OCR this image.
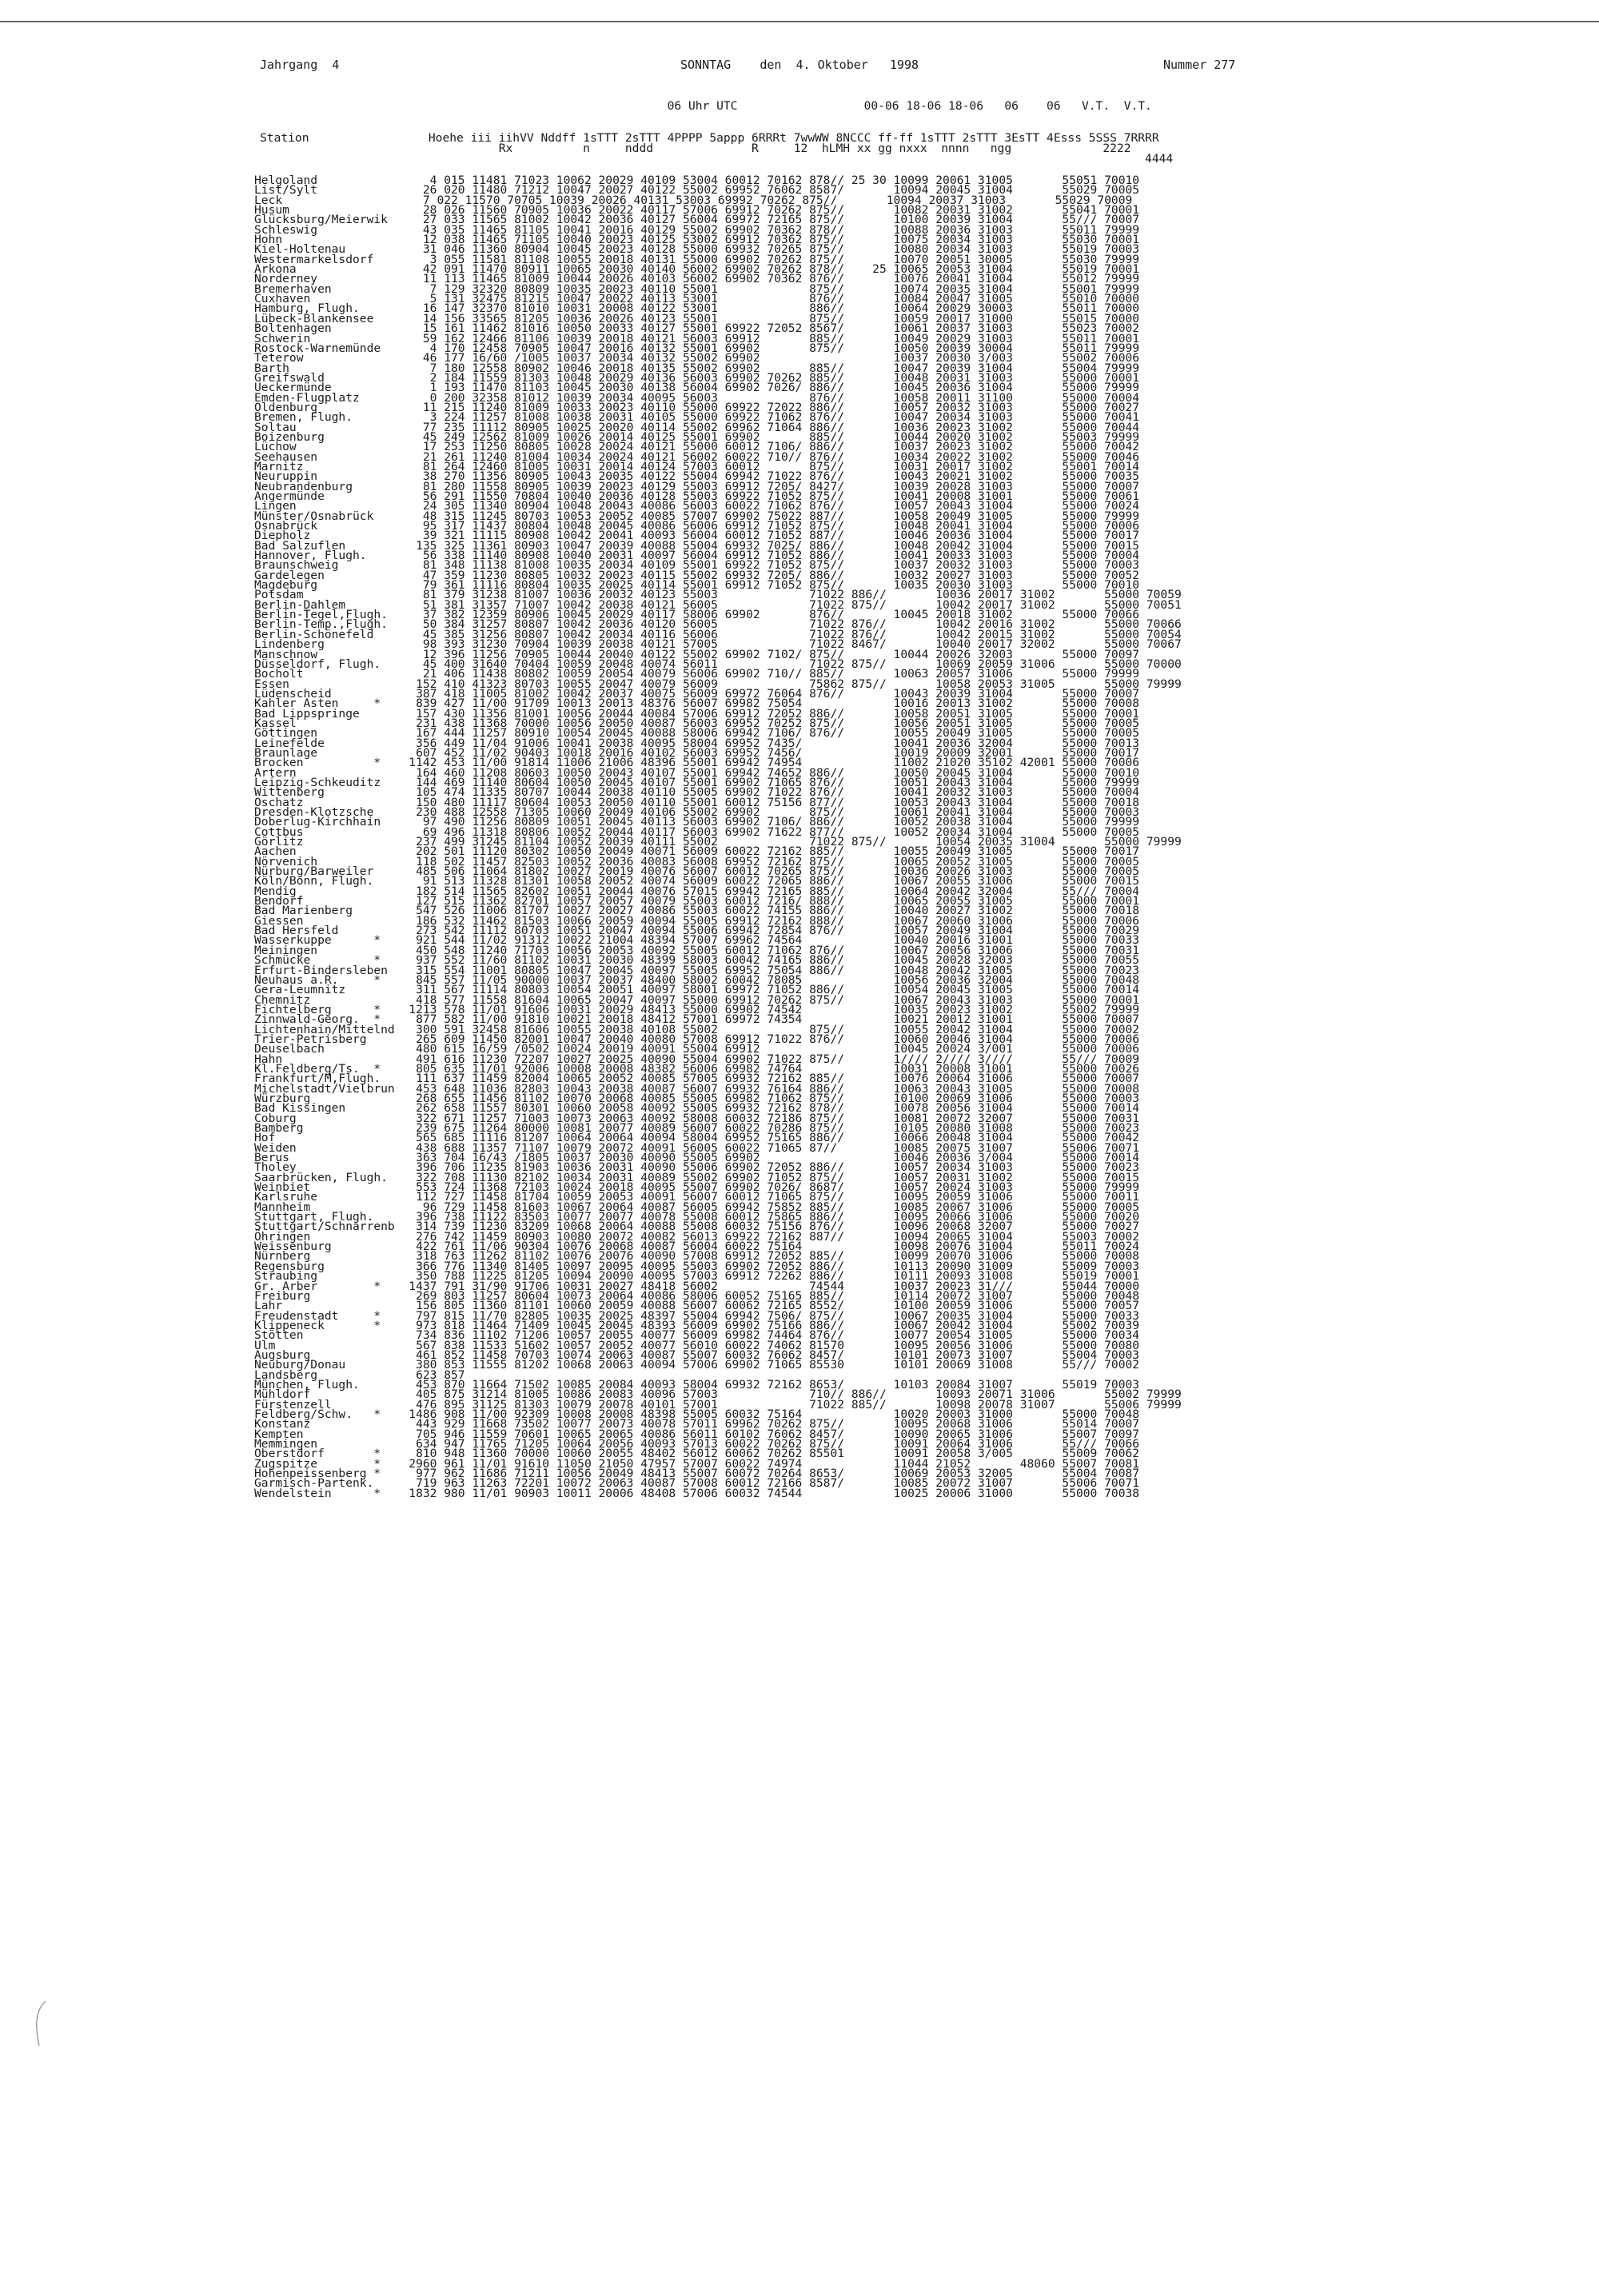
Jahrgang  4	SONNTAG    den  4. Oktober   1998	Nummer 277
06 Uhr UTC                  00-06 18-06 18-06   06    06   V.T.  V.T.
Station                 Hoehe iii iihVV Nddff 1sTTT 2sTTT 4PPPP 5appp 6RRRt 7wwWW 8NCCC ff-ff 1sTTT 2sTTT 3EsTT 4Esss 5SSS 7RRRR
Rx          n     nddd              R     12  hLMH xx gg nxxx  nnnn   ngg             2222
4444
Helgoland                4 015 11481 71023 10062 20029 40109 53004 60012 70162 878// 25 30 10099 20061 31005       55051 70010
List/Sylt               26 020 11480 71212 10047 20027 40122 55002 69952 76062 8587/       10094 20045 31004       55029 70005
Leck                    7 022 11570 70705 10039 20026 40131 53003 69992 70262 875//       10094 20037 31003       55029 70009
Husum                   28 026 11560 70905 10036 20022 40117 57006 69912 70262 875//       10082 20031 31002       55041 70001
Glücksburg/Meierwik     27 033 11565 81002 10042 20036 40127 56004 69972 72165 875//       10100 20039 31004       55/// 70007
Schleswig               43 035 11465 81105 10041 20016 40129 55002 69902 70362 878//       10088 20036 31003       55011 79999
Hohn                    12 038 11465 71105 10040 20023 40125 53002 69912 70362 875//       10075 20034 31003       55030 70001
Kiel-Holtenau           31 046 11360 80904 10045 20023 40128 55000 69932 70265 875//       10080 20034 31003       55019 70003
Westermarkelsdorf        3 055 11581 81108 10055 20018 40131 55000 69902 70262 875//       10070 20051 30005       55030 79999
Arkona                  42 091 11470 80911 10065 20030 40140 56002 69902 70262 878//    25 10065 20053 31004       55019 70001
Norderney               11 113 11465 81009 10044 20026 40103 56002 69902 70362 876//       10076 20041 31004       55012 79999
Bremerhaven              7 129 32320 80809 10035 20023 40110 55001             875//       10074 20035 31004       55001 79999
Cuxhaven                 5 131 32475 81215 10047 20022 40113 53001             876//       10084 20047 31005       55010 70000
Hamburg, Flugh.         16 147 32370 81010 10031 20008 40122 53001             886//       10064 20029 30003       55011 70000
Lübeck-Blankensee       14 156 33565 81205 10036 20026 40123 55001             875//       10059 20017 31000       55015 70000
Boltenhagen             15 161 11462 81016 10050 20033 40127 55001 69922 72052 8567/       10061 20037 31003       55023 70002
Schwerin                59 162 12466 81106 10039 20018 40121 56003 69912       885//       10049 20029 31003       55011 70001
Rostock-Warnemünde       4 170 12458 70905 10047 20016 40132 55001 69902       875//       10050 20039 30004       55011 79999
Teterow                 46 177 16/60 /1005 10037 20034 40132 55002 69902                   10037 20030 3/003       55002 70006
Barth                    7 180 12558 80902 10046 20018 40135 55002 69902       885//       10047 20039 31004       55004 79999
Greifswald               2 184 11559 81303 10048 20029 40136 56003 69902 70262 885//       10048 20031 31003       55000 70001
Ueckermünde              1 193 11470 81103 10045 20030 40138 56004 69902 7026/ 886//       10045 20036 31004       55000 79999
Emden-Flugplatz          0 200 32358 81012 10039 20034 40095 56003             876//       10058 20011 31100       55000 70004
Oldenburg               11 215 11240 81009 10033 20023 40110 55000 69922 72022 886//       10057 20032 31003       55000 70027
Bremen, Flugh.           3 224 11257 81008 10038 20031 40105 55000 69922 71062 876//       10047 20034 31003       55000 70041
Soltau                  77 235 11112 80905 10025 20020 40114 55002 69962 71064 886//       10036 20023 31002       55000 70044
Boizenburg              45 249 12562 81009 10026 20014 40125 55001 69902       885//       10044 20020 31002       55003 79999
Lüchow                  17 253 11250 80805 10028 20024 40121 55000 60012 7106/ 886//       10037 20023 31002       55000 70042
Seehausen               21 261 11240 81004 10034 20024 40121 56002 60022 710// 876//       10034 20022 31002       55000 70046
Marnitz                 81 264 12460 81005 10031 20014 40124 57003 60012       875//       10031 20017 31002       55001 70014
Neuruppin               38 270 11356 80905 10043 20035 40122 55004 69942 71022 876//       10043 20021 31002       55000 70035
Neubrandenburg          81 280 11558 80905 10039 20023 40129 55003 69912 7205/ 8427/       10039 20028 31003       55000 70007
Angermünde              56 291 11550 70804 10040 20036 40128 55003 69922 71052 875//       10041 20008 31001       55000 70061
Lingen                  24 305 11340 80904 10048 20043 40086 56003 60022 71062 876//       10057 20043 31004       55000 70024
Münster/Osnabrück       48 315 11245 80703 10053 20052 40085 57007 69902 75022 887//       10058 20049 31005       55000 79999
Osnabrück               95 317 11437 80804 10048 20045 40086 56006 69912 71052 875//       10048 20041 31004       55000 70006
Diepholz                39 321 11115 80908 10042 20041 40093 56004 60012 71052 887//       10046 20036 31004       55000 70017
Bad Salzuflen          135 325 11361 80903 10047 20039 40088 55004 69932 7025/ 886//       10048 20042 31004       55000 70015
Hannover, Flugh.        56 338 11140 80908 10040 20031 40097 56004 69912 71052 886//       10041 20033 31003       55000 70004
Braunschweig            81 348 11138 81008 10035 20034 40109 55001 69922 71052 875//       10037 20032 31003       55000 70003
Gardelegen              47 359 11230 80805 10032 20023 40115 55002 69932 7205/ 886//       10032 20027 31003       55000 70052
Magdeburg               79 361 11116 80804 10035 20025 40114 55001 69912 71052 875//       10035 20030 31003       55000 70010
Potsdam                 81 379 31238 81007 10036 20032 40123 55003             71022 886//       10036 20017 31002       55000 70059
Berlin-Dahlem           51 381 31357 71007 10042 20038 40121 56005             71022 875//       10042 20017 31002       55000 70051
Berlin-Tegel,Flugh.     37 382 12359 80906 10045 20029 40117 58006 69902       876//       10045 20018 31002       55000 70066
Berlin-Temp.,Flugh.     50 384 31257 80807 10042 20036 40120 56005             71022 876//       10042 20016 31002       55000 70066
Berlin-Schönefeld       45 385 31256 80807 10042 20034 40116 56006             71022 876//       10042 20015 31002       55000 70054
Lindenberg              98 393 31230 70904 10039 20038 40121 57005             71022 8467/       10040 20017 32002       55000 70067
Manschnow               12 396 11256 70905 10044 20040 40122 55002 69902 7102/ 875//       10044 20026 32003       55000 70097
Düsseldorf, Flugh.      45 400 31640 70404 10059 20048 40074 56011             71022 875//       10069 20059 31006       55000 70000
Bocholt                 21 406 11438 80802 10059 20054 40079 56006 69902 710// 885//       10063 20057 31006       55000 79999
Essen                  152 410 41323 80703 10055 20047 40079 56009             75862 875//       10058 20053 31005       55000 79999
Lüdenscheid            387 418 11005 81002 10042 20037 40075 56009 69972 76064 876//       10043 20039 31004       55000 70007
Kahler Asten     *     839 427 11/00 91709 10013 20013 48376 56007 69982 75054             10016 20013 31002       55000 70008
Bad Lippspringe        157 430 11356 81001 10056 20044 40084 57006 69912 72052 886//       10058 20051 31005       55000 70001
Kassel                 231 438 11368 70000 10056 20050 40087 56003 69952 70252 875//       10056 20051 31005       55000 70005
Göttingen              167 444 11257 80910 10054 20045 40088 58006 69942 7106/ 876//       10055 20049 31005       55000 70005
Leinefelde             356 449 11/04 91006 10041 20038 40095 58004 69952 7435/             10041 20036 32004       55000 70013
Braunlage              607 452 11/02 90403 10018 20016 40102 56003 69952 7456/             10019 20009 32001       55000 70017
Brocken          *    1142 453 11/00 91814 11006 21006 48396 55001 69942 74954             11002 21020 35102 42001 55000 70006
Artern                 164 460 11208 80603 10050 20043 40107 55001 69942 74652 886//       10050 20045 31004       55000 70010
Leipzig-Schkeuditz     144 469 11140 80604 10050 20045 40107 55001 69902 71065 876//       10051 20043 31004       55000 79999
Wittenberg             105 474 11335 80707 10044 20038 40110 55005 69902 71022 876//       10041 20032 31003       55000 70004
Oschatz                150 480 11117 80604 10053 20050 40110 55001 60012 75156 877//       10053 20043 31004       55000 70018
Dresden-Klotzsche      230 488 12558 71305 10060 20049 40106 55002 69902       875//       10061 20041 31004       55000 70003
Doberlug-Kirchhain      97 490 11256 80809 10051 20045 40113 56003 69902 7106/ 886//       10052 20038 31004       55000 79999
Cottbus                 69 496 11318 80806 10052 20044 40117 56003 69902 71622 877//       10052 20034 31004       55000 70005
Görlitz                237 499 31245 81104 10052 20039 40111 55002             71022 875//       10054 20035 31004       55000 79999
Aachen                 202 501 11120 80302 10050 20049 40071 56009 60022 72162 885//       10055 20049 31005       55000 70017
Nörvenich              118 502 11457 82503 10052 20036 40083 56008 69952 72162 875//       10065 20052 31005       55000 70005
Nürburg/Barweiler      485 506 11064 81802 10027 20019 40076 56007 60012 70265 875//       10036 20026 31003       55000 70005
Köln/Bonn, Flugh.       91 513 11328 81301 10058 20052 40074 56009 60022 72065 886//       10067 20055 31006       55000 70015
Mendig                 182 514 11565 82602 10051 20044 40076 57015 69942 72165 885//       10064 20042 32004       55/// 70004
Bendorf                127 515 11362 82701 10057 20057 40079 55003 60012 7216/ 888//       10065 20055 31005       55000 70001
Bad Marienberg         547 526 11006 81707 10027 20027 40086 55003 60022 74155 886//       10040 20027 31002       55000 70018
Giessen                186 532 11462 81503 10066 20059 40094 55005 69912 72162 888//       10067 20060 31006       55000 70006
Bad Hersfeld           273 542 11112 80703 10051 20047 40094 55006 69942 72854 876//       10057 20049 31004       55000 70029
Wasserkuppe      *     921 544 11/02 91312 10022 21004 48394 57007 69962 74564             10040 20016 31001       55000 70033
Meiningen              450 548 11240 71703 10056 20053 40092 55005 60012 71062 876//       10067 20056 31006       55000 70031
Schmücke         *     937 552 11/60 81102 10031 20030 48399 58003 60042 74165 886//       10045 20028 32003       55000 70055
Erfurt-Bindersleben    315 554 11001 80805 10047 20045 40097 55005 69952 75054 886//       10048 20042 31005       55000 70023
Neuhaus a.R.     *     845 557 11/05 90000 10037 20037 48400 58002 60042 78085             10056 20036 32004       55000 70048
Gera-Leumnitz          311 567 11114 80803 10054 20051 40097 58001 69972 71052 886//       10054 20045 31005       55000 70014
Chemnitz               418 577 11558 81604 10065 20047 40097 55000 69912 70262 875//       10067 20043 31003       55000 70001
Fichtelberg      *    1213 578 11/01 91606 10031 20029 48413 55000 69902 74542             10035 20023 31002       55002 79999
Zinnwald-Georg.  *     877 582 11/00 91810 10021 20018 48412 57001 69972 74354             10021 20012 31001       55000 70007
Lichtenhain/Mittelnd   300 591 32458 81606 10055 20038 40108 55002             875//       10055 20042 31004       55000 70002
Trier-Petrisberg       265 609 11450 82001 10047 20040 40080 57008 69912 71022 876//       10060 20046 31004       55000 70006
Deuselbach             480 615 16/59 /0502 10024 20019 40091 55004 69912                   10045 20024 3/001       55000 70006
Hahn                   491 616 11230 72207 10027 20025 40090 55004 69902 71022 875//       1//// 2//// 3////       55/// 70009
Kl.Feldberg/Ts.  *     805 635 11/01 92006 10008 20008 48382 56006 69982 74764             10031 20008 31001       55000 70026
Frankfurt/M,Flugh.     111 637 11459 82004 10065 20052 40085 57005 69932 72162 885//       10076 20064 31006       55000 70007
Michelstadt/Vielbrun   453 648 11036 82803 10043 20038 40087 56007 69932 76164 886//       10063 20043 31005       55000 70008
Würzburg               268 655 11456 81102 10070 20068 40085 55005 69982 71062 875//       10100 20069 31006       55000 70003
Bad Kissingen          262 658 11557 80301 10060 20058 40092 55005 69932 72162 878//       10078 20056 31004       55000 70014
Coburg                 322 671 11257 71003 10073 20063 40092 58008 60032 72186 875//       10081 20072 32007       55000 70031
Bamberg                239 675 11264 80000 10081 20077 40089 56007 60022 70286 875//       10105 20080 31008       55000 70023
Hof                    565 685 11116 81207 10064 20064 40094 58004 69952 75165 886//       10066 20048 31004       55000 70042
Weiden                 438 688 11357 71107 10079 20072 40091 56005 60022 71065 87//        10085 20075 31007       55006 70071
Berus                  363 704 16/43 /1805 10037 20030 40090 55005 69902                   10046 20036 3/004       55000 70014
Tholey                 396 706 11235 81903 10036 20031 40090 55006 69902 72052 886//       10057 20034 31003       55000 70023
Saarbrücken, Flugh.    322 708 11130 82102 10034 20031 40089 55002 69902 71052 875//       10057 20031 31002       55000 70015
Weinbiet               553 724 11368 72103 10024 20018 40095 55007 69902 7026/ 8687/       10057 20024 31003       55000 79999
Karlsruhe              112 727 11458 81704 10059 20053 40091 56007 60012 71065 875//       10095 20059 31006       55000 70011
Mannheim                96 729 11458 81603 10067 20064 40087 56005 69942 75852 885//       10085 20067 31006       55000 70005
Stuttgart, Flugh.      396 738 11122 83503 10077 20077 40078 55008 60012 75865 886//       10095 20066 31006       55000 70020
Stuttgart/Schnarrenb   314 739 11230 83209 10068 20064 40088 55008 60032 75156 876//       10096 20068 32007       55000 70027
Öhringen               276 742 11459 80903 10080 20072 40082 56013 69922 72162 887//       10094 20065 31004       55003 70002
Weissenburg            422 761 11/06 90304 10076 20068 40087 56004 60022 75164             10098 20076 31004       55011 70024
Nürnberg               318 763 11262 81102 10076 20076 40090 57008 69912 72052 885//       10099 20070 31006       55000 70008
Regensburg             366 776 11340 81405 10097 20095 40095 55003 69902 72052 886//       10113 20090 31009       55009 70003
Straubing              350 788 11225 81205 10094 20090 40095 57003 69912 72262 886//       10111 20093 31008       55019 70001
Gr. Arber        *    1437 791 31/90 91706 10031 20027 48418 56002             74544       10037 20023 31///       55044 70000
Freiburg               269 803 11257 80604 10073 20064 40086 58006 60052 75165 885//       10114 20072 31007       55000 70048
Lahr                   156 805 11360 81101 10060 20059 40088 56007 60062 72165 8552/       10100 20059 31006       55000 70057
Freudenstadt     *     797 815 11/70 82805 10035 20025 48397 55004 69942 7506/ 875//       10067 20035 31004       55000 70033
Klippeneck       *     973 818 11464 71409 10045 20045 48393 56009 69902 75166 886//       10067 20042 31004       55002 70039
Stötten                734 836 11102 71206 10057 20055 40077 56009 69982 74464 876//       10077 20054 31005       55000 70034
Ulm                    567 838 11533 51602 10057 20052 40077 56010 60022 74062 81570       10095 20056 31006       55000 70080
Augsburg               461 852 11458 70703 10074 20063 40087 55007 60032 76062 8457/       10101 20073 31007       55004 70003
Neuburg/Donau          380 853 11555 81202 10068 20063 40094 57006 69902 71065 85530       10101 20069 31008       55/// 70002
Landsberg              623 857
München, Flugh.        453 870 11664 71502 10085 20084 40093 58004 69932 72162 8653/       10103 20084 31007       55019 70003
Mühldorf               405 875 31214 81005 10086 20083 40096 57003             710// 886//       10093 20071 31006       55002 79999
Fürstenzell            476 895 31125 81303 10079 20078 40101 57001             71022 885//       10098 20078 31007       55006 79999
Feldberg/Schw.   *    1486 908 11/00 92309 10008 20008 48398 55005 60032 75164             10020 20003 31000       55000 70048
Konstanz               443 929 11668 73502 10077 20073 40078 57011 69962 70262 875//       10095 20068 31006       55014 70007
Kempten                705 946 11559 70601 10065 20065 40086 56011 60102 76062 8457/       10090 20065 31006       55007 70097
Memmingen              634 947 11765 71205 10064 20056 40093 57013 60022 70262 875//       10091 20064 31006       55/// 70066
Oberstdorf       *     810 948 11360 70000 10060 20055 48402 56012 60062 70262 85501       10091 20058 3/005       55009 70062
Zugspitze        *    2960 961 11/01 91610 11050 21050 47957 57007 60022 74974             11044 21052       48060 55007 70081
Hohenpeissenberg *     977 962 11686 71211 10056 20049 48413 55007 60072 70264 8653/       10069 20053 32005       55004 70087
Garmisch-Partenk.      719 963 11263 72201 10072 20063 40087 57008 60012 72166 8587/       10085 20072 31007       55006 70071
Wendelstein      *    1832 980 11/01 90903 10011 20006 48408 57006 60032 74544             10025 20006 31000       55000 70038
